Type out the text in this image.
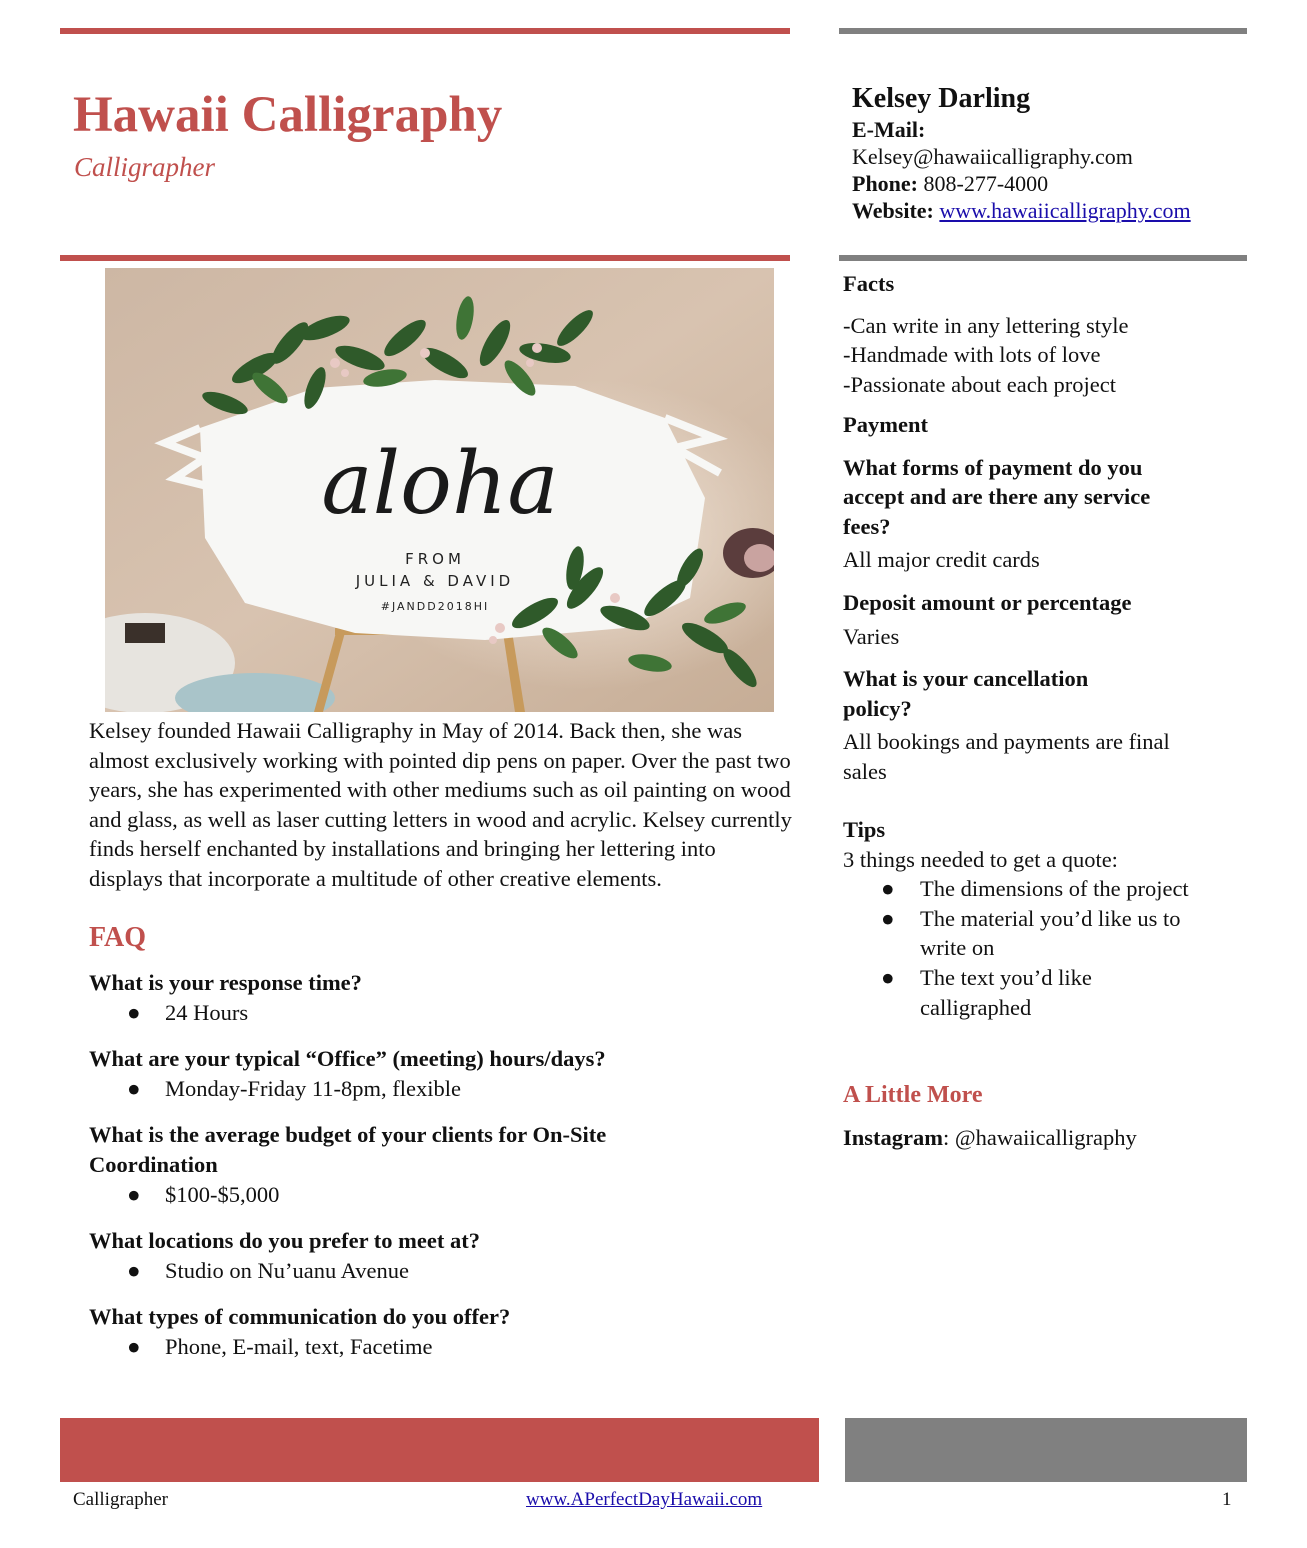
Hawaii Calligraphy
Calligrapher
Kelsey Darling
E-Mail:
Kelsey@hawaiicalligraphy.com
Phone: 808-277-4000
Website: www.hawaiicalligraphy.com
aloha
FROM
JULIA & DAVID
#JANDD2018HI
Kelsey founded Hawaii Calligraphy in May of 2014. Back then, she was almost exclusively working with pointed dip pens on paper. Over the past two years, she has experimented with other mediums such as oil painting on wood and glass, as well as laser cutting letters in wood and acrylic. Kelsey currently finds herself enchanted by installations and bringing her lettering into displays that incorporate a multitude of other creative elements.
FAQ
What is your response time?
● 24 Hours
What are your typical “Office” (meeting) hours/days?
● Monday-Friday 11-8pm, flexible
What is the average budget of your clients for On-Site Coordination
● $100-$5,000
What locations do you prefer to meet at?
● Studio on Nu’uanu Avenue
What types of communication do you offer?
● Phone, E-mail, text, Facetime
Facts
-Can write in any lettering style
-Handmade with lots of love
-Passionate about each project
Payment
What forms of payment do you accept and are there any service fees?
All major credit cards
Deposit amount or percentage
Varies
What is your cancellation policy?
All bookings and payments are final sales
Tips
3 things needed to get a quote:
● The dimensions of the project
● The material you’d like us to write on
● The text you’d like calligraphed
A Little More
Instagram: @hawaiicalligraphy
Calligrapher	www.APerfectDayHawaii.com	1
